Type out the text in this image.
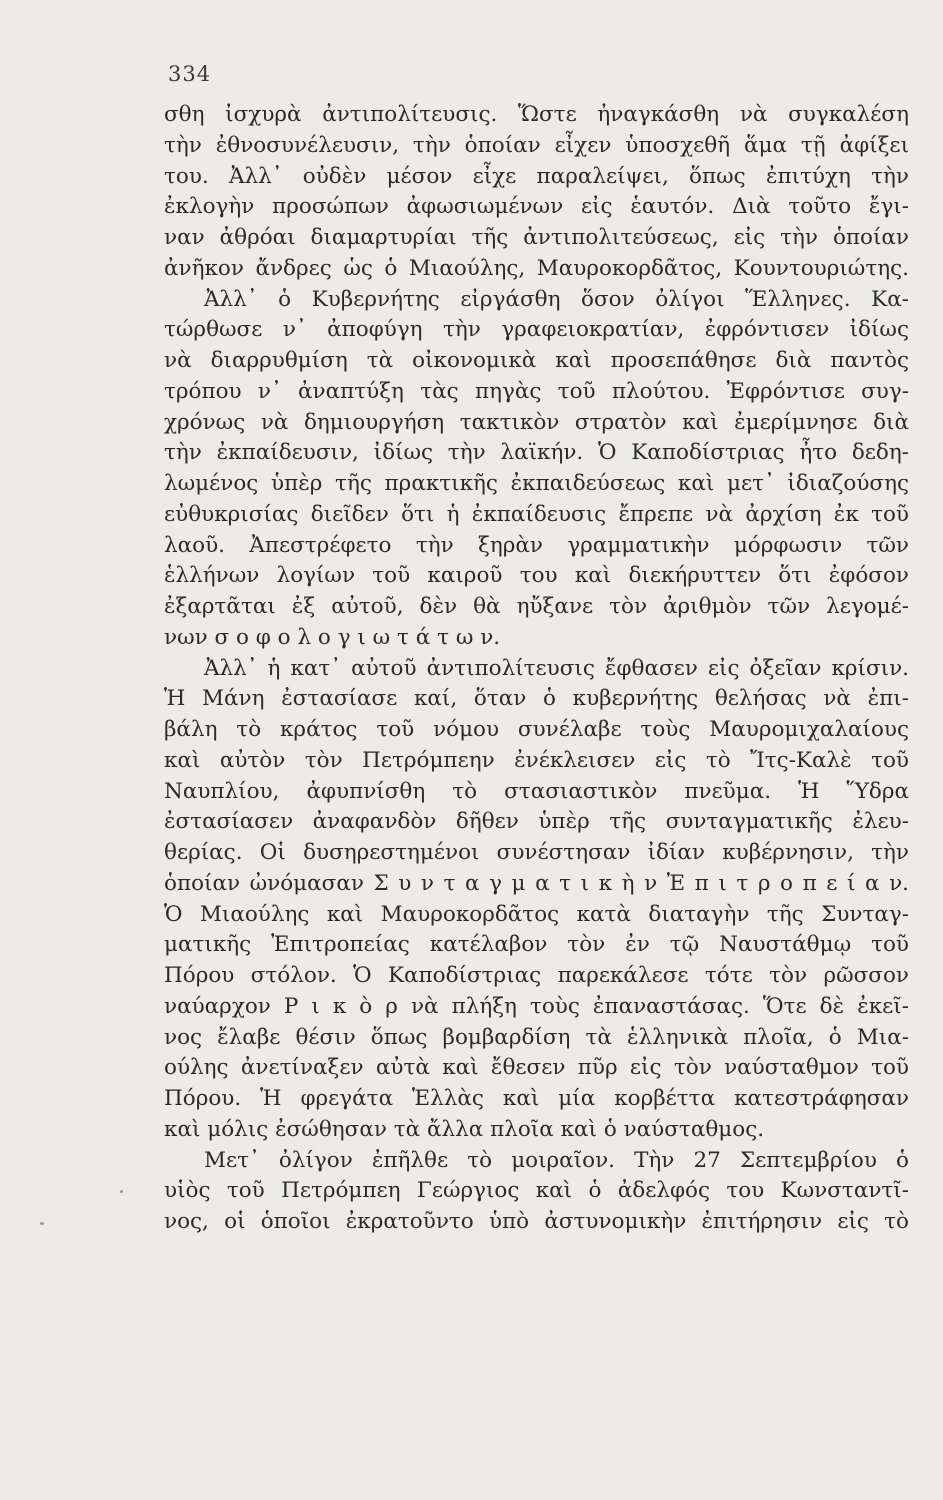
334
σθη ἰσχυρὰ ἀντιπολίτευσις. Ὥστε ἠναγκάσθη νὰ συγκαλέση
τὴν ἐθνοσυνέλευσιν, τὴν ὁποίαν εἶχεν ὑποσχεθῆ ἅμα τῇ ἀφίξει
του. Ἀλλ᾽ οὐδὲν μέσον εἶχε παραλείψει, ὅπως ἐπιτύχη τὴν
ἐκλογὴν προσώπων ἀφωσιωμένων εἰς ἑαυτόν. Διὰ τοῦτο ἔγι-
ναν ἀθρόαι διαμαρτυρίαι τῆς ἀντιπολιτεύσεως, εἰς τὴν ὁποίαν
ἀνῆκον ἄνδρες ὡς ὁ Μιαούλης, Μαυροκορδᾶτος, Κουντουριώτης.
Ἀλλ᾽ ὁ Κυβερνήτης εἰργάσθη ὅσον ὀλίγοι Ἕλληνες. Κα-
τώρθωσε ν᾽ ἀποφύγη τὴν γραφειοκρατίαν, ἐφρόντισεν ἰδίως
νὰ διαρρυθμίση τὰ οἰκονομικὰ καὶ προσεπάθησε διὰ παντὸς
τρόπου ν᾽ ἀναπτύξη τὰς πηγὰς τοῦ πλούτου. Ἐφρόντισε συγ-
χρόνως νὰ δημιουργήση τακτικὸν στρατὸν καὶ ἐμερίμνησε διὰ
τὴν ἐκπαίδευσιν, ἰδίως τὴν λαϊκήν. Ὁ Καποδίστριας ἦτο δεδη-
λωμένος ὑπὲρ τῆς πρακτικῆς ἐκπαιδεύσεως καὶ μετ᾽ ἰδιαζούσης
εὐθυκρισίας διεῖδεν ὅτι ἡ ἐκπαίδευσις ἔπρεπε νὰ ἀρχίση ἐκ τοῦ
λαοῦ. Ἀπεστρέφετο τὴν ξηρὰν γραμματικὴν μόρφωσιν τῶν
ἑλλήνων λογίων τοῦ καιροῦ του καὶ διεκήρυττεν ὅτι ἐφόσον
ἐξαρτᾶται ἐξ αὐτοῦ, δὲν θὰ ηὔξανε τὸν ἀριθμὸν τῶν λεγομέ-
νων σ ο φ ο λ ο γ ι ω τ ά τ ω ν.
Ἀλλ᾽ ἡ κατ᾽ αὐτοῦ ἀντιπολίτευσις ἔφθασεν εἰς ὀξεῖαν κρίσιν.
Ἡ Μάνη ἐστασίασε καί, ὅταν ὁ κυβερνήτης θελήσας νὰ ἐπι-
βάλη τὸ κράτος τοῦ νόμου συνέλαβε τοὺς Μαυρομιχαλαίους
καὶ αὐτὸν τὸν Πετρόμπεην ἐνέκλεισεν εἰς τὸ Ἴτς-Καλὲ τοῦ
Ναυπλίου, ἀφυπνίσθη τὸ στασιαστικὸν πνεῦμα. Ἡ Ὕδρα
ἐστασίασεν ἀναφανδὸν δῆθεν ὑπὲρ τῆς συνταγματικῆς ἐλευ-
θερίας. Οἱ δυσηρεστημένοι συνέστησαν ἰδίαν κυβέρνησιν, τὴν
ὁποίαν ὠνόμασαν Σ υ ν τ α γ μ α τ ι κ ὴ ν Ἐ π ι τ ρ ο π ε ί α ν.
Ὁ Μιαούλης καὶ Μαυροκορδᾶτος κατὰ διαταγὴν τῆς Συνταγ-
ματικῆς Ἐπιτροπείας κατέλαβον τὸν ἐν τῷ Ναυστάθμῳ τοῦ
Πόρου στόλον. Ὁ Καποδίστριας παρεκάλεσε τότε τὸν ρῶσσον
ναύαρχον Ρ ι κ ὸ ρ νὰ πλήξη τοὺς ἐπαναστάσας. Ὅτε δὲ ἐκεῖ-
νος ἔλαβε θέσιν ὅπως βομβαρδίση τὰ ἑλληνικὰ πλοῖα, ὁ Μια-
ούλης ἀνετίναξεν αὐτὰ καὶ ἔθεσεν πῦρ εἰς τὸν ναύσταθμον τοῦ
Πόρου. Ἡ φρεγάτα Ἑλλὰς καὶ μία κορβέττα κατεστράφησαν
καὶ μόλις ἐσώθησαν τὰ ἄλλα πλοῖα καὶ ὁ ναύσταθμος.
Μετ᾽ ὀλίγον ἐπῆλθε τὸ μοιραῖον. Τὴν 27 Σεπτεμβρίου ὁ
υἱὸς τοῦ Πετρόμπεη Γεώργιος καὶ ὁ ἀδελφός του Κωνσταντῖ-
νος, οἱ ὁποῖοι ἐκρατοῦντο ὑπὸ ἀστυνομικὴν ἐπιτήρησιν εἰς τὸ
